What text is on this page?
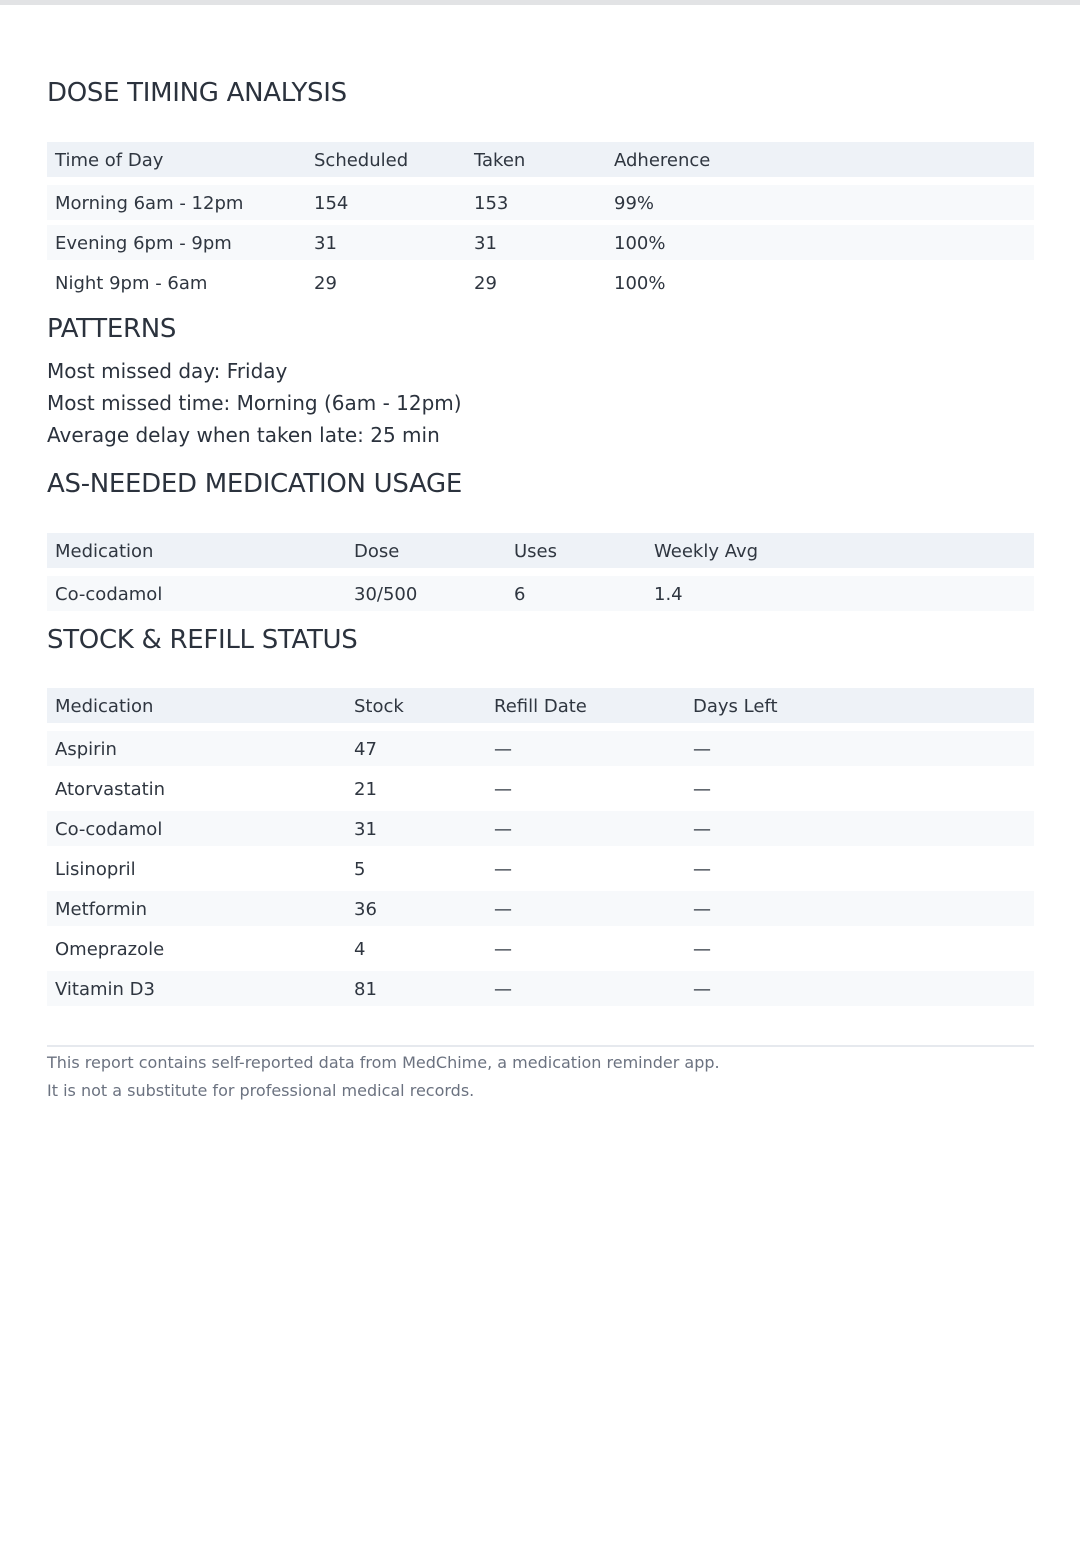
DOSE TIMING ANALYSIS
Time of Day	Scheduled	Taken	Adherence
Morning 6am - 12pm	154	153	99%
Evening 6pm - 9pm	31	31	100%
Night 9pm - 6am	29	29	100%
PATTERNS
Most missed day: Friday
Most missed time: Morning (6am - 12pm)
Average delay when taken late: 25 min
AS-NEEDED MEDICATION USAGE
Medication	Dose	Uses	Weekly Avg
Co-codamol	30/500	6	1.4
STOCK & REFILL STATUS
Medication	Stock	Refill Date	Days Left
Aspirin	47	—	—
Atorvastatin	21	—	—
Co-codamol	31	—	—
Lisinopril	5	—	—
Metformin	36	—	—
Omeprazole	4	—	—
Vitamin D3	81	—	—
This report contains self-reported data from MedChime, a medication reminder app.
It is not a substitute for professional medical records.
